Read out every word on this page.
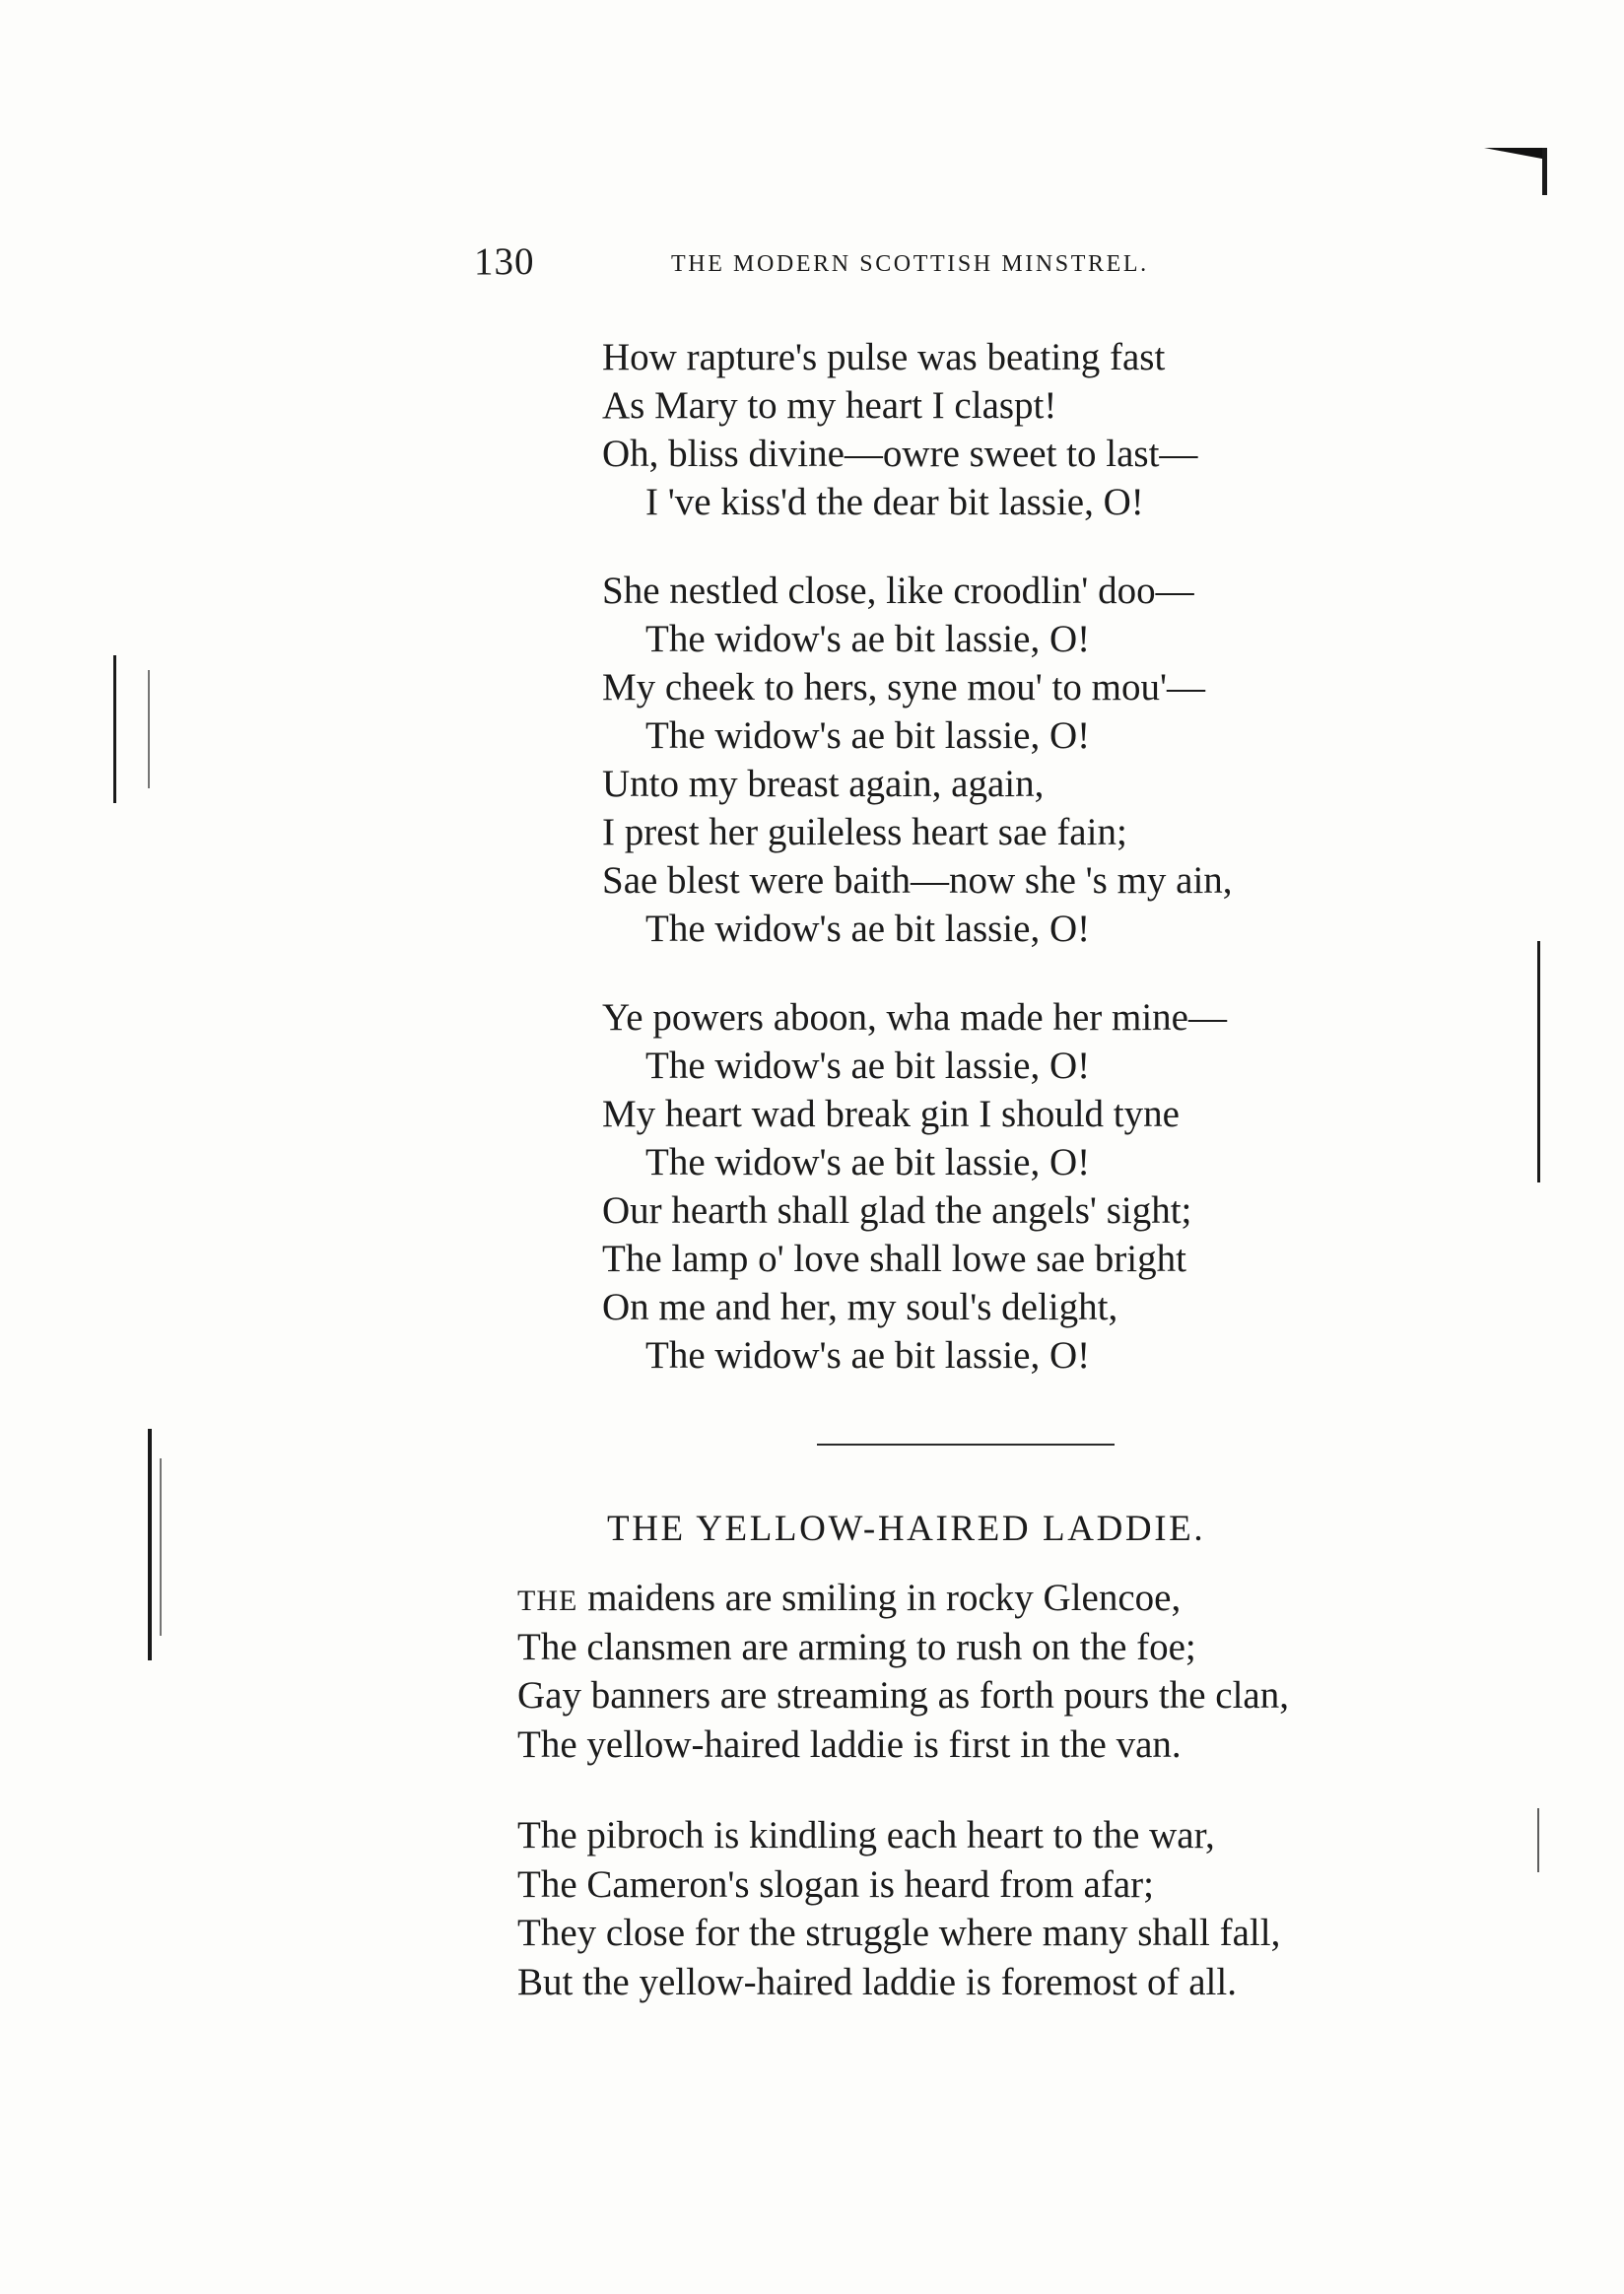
130	THE MODERN SCOTTISH MINSTREL.
How rapture's pulse was beating fast
As Mary to my heart I claspt!
Oh, bliss divine—owre sweet to last—
I 've kiss'd the dear bit lassie, O!
She nestled close, like croodlin' doo—
The widow's ae bit lassie, O!
My cheek to hers, syne mou' to mou'—
The widow's ae bit lassie, O!
Unto my breast again, again,
I prest her guileless heart sae fain;
Sae blest were baith—now she 's my ain,
The widow's ae bit lassie, O!
Ye powers aboon, wha made her mine—
The widow's ae bit lassie, O!
My heart wad break gin I should tyne
The widow's ae bit lassie, O!
Our hearth shall glad the angels' sight;
The lamp o' love shall lowe sae bright
On me and her, my soul's delight,
The widow's ae bit lassie, O!
THE YELLOW-HAIRED LADDIE.
THE maidens are smiling in rocky Glencoe,
The clansmen are arming to rush on the foe;
Gay banners are streaming as forth pours the clan,
The yellow-haired laddie is first in the van.
The pibroch is kindling each heart to the war,
The Cameron's slogan is heard from afar;
They close for the struggle where many shall fall,
But the yellow-haired laddie is foremost of all.
